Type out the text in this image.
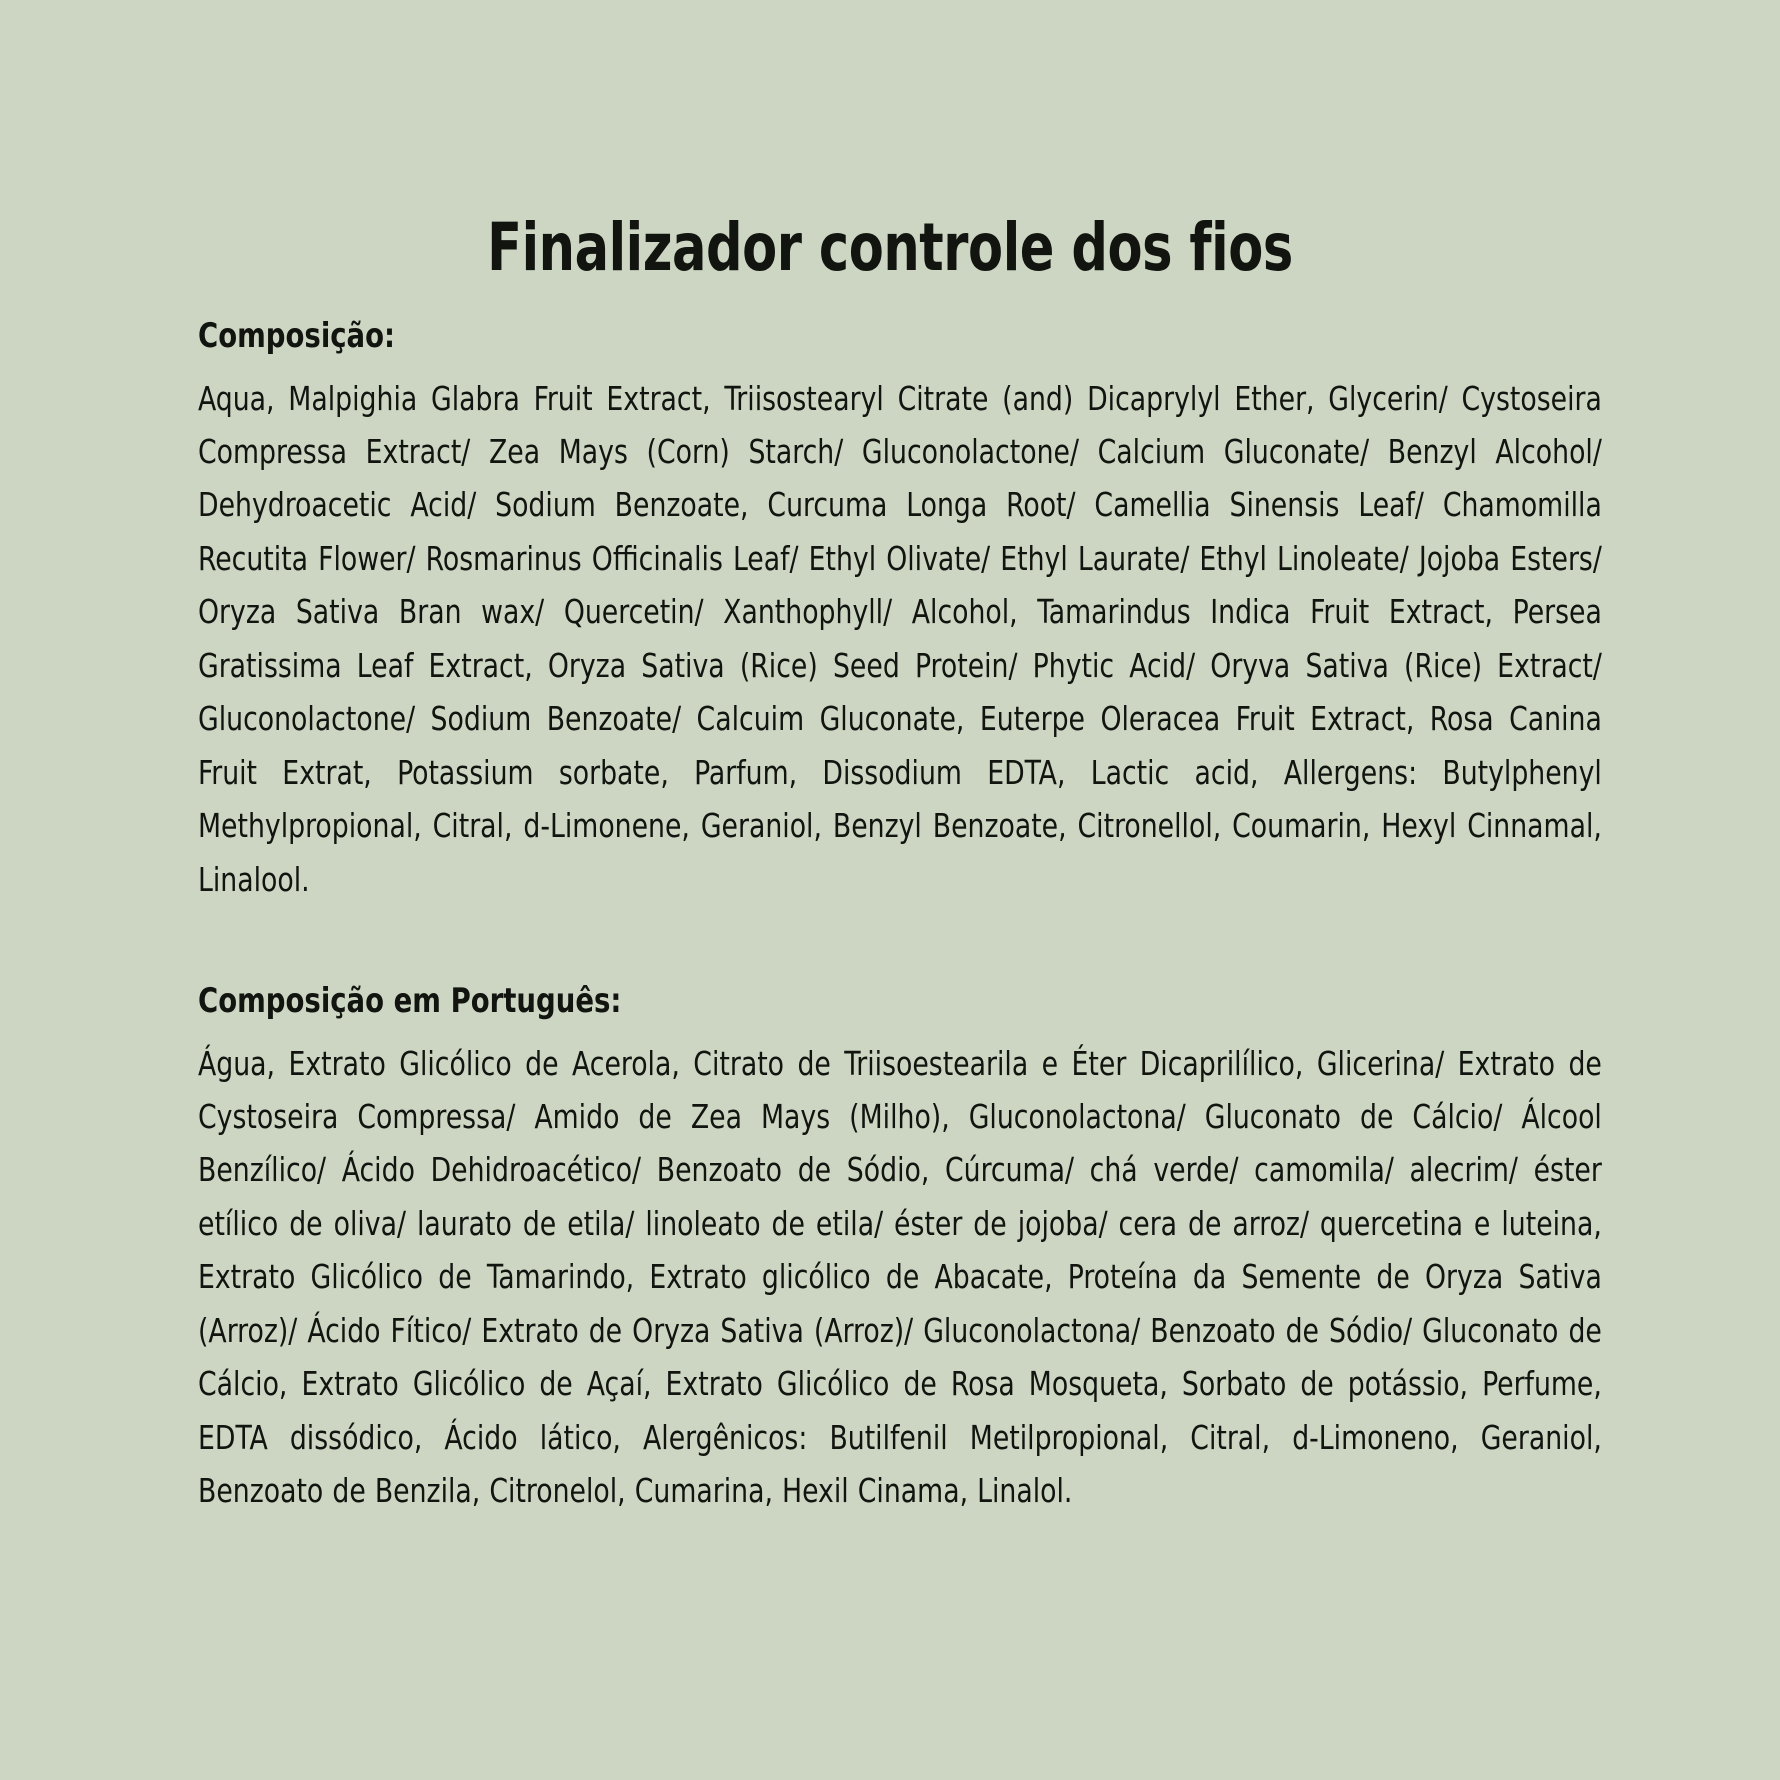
Finalizador controle dos fios
Composição:

Aqua, Malpighia Glabra Fruit Extract, Triisostearyl Citrate (and) Dicaprylyl Ether, Glycerin/ Cystoseira Compressa Extract/ Zea Mays (Corn) Starch/ Gluconolactone/ Calcium Gluconate/ Benzyl Alcohol/ Dehydroacetic Acid/ Sodium Benzoate, Curcuma Longa Root/ Camellia Sinensis Leaf/ Chamomilla Recutita Flower/ Rosmarinus Officinalis Leaf/ Ethyl Olivate/ Ethyl Laurate/ Ethyl Linoleate/ Jojoba Esters/ Oryza Sativa Bran wax/ Quercetin/ Xanthophyll/ Alcohol, Tamarindus Indica Fruit Extract, Persea Gratissima Leaf Extract, Oryza Sativa (Rice) Seed Protein/ Phytic Acid/ Oryva Sativa (Rice) Extract/ Gluconolactone/ Sodium Benzoate/ Calcuim Gluconate, Euterpe Oleracea Fruit Extract, Rosa Canina Fruit Extrat, Potassium sorbate, Parfum, Dissodium EDTA, Lactic acid, Allergens: Butylphenyl Methylpropional, Citral, d-Limonene, Geraniol, Benzyl Benzoate, Citronellol, Coumarin, Hexyl Cinnamal, Linalool.

Composição em Português:

Água, Extrato Glicólico de Acerola, Citrato de Triisoestearila e Éter Dicaprilílico, Glicerina/ Extrato de Cystoseira Compressa/ Amido de Zea Mays (Milho), Gluconolactona/ Gluconato de Cálcio/ Álcool Benzílico/ Ácido Dehidroacético/ Benzoato de Sódio, Cúrcuma/ chá verde/ camomila/ alecrim/ éster etílico de oliva/ laurato de etila/ linoleato de etila/ éster de jojoba/ cera de arroz/ quercetina e luteina, Extrato Glicólico de Tamarindo, Extrato glicólico de Abacate, Proteína da Semente de Oryza Sativa (Arroz)/ Ácido Fítico/ Extrato de Oryza Sativa (Arroz)/ Gluconolactona/ Benzoato de Sódio/ Gluconato de Cálcio, Extrato Glicólico de Açaí, Extrato Glicólico de Rosa Mosqueta, Sorbato de potássio, Perfume, EDTA dissódico, Ácido lático, Alergênicos: Butilfenil Metilpropional, Citral, d-Limoneno, Geraniol, Benzoato de Benzila, Citronelol, Cumarina, Hexil Cinama, Linalol.
